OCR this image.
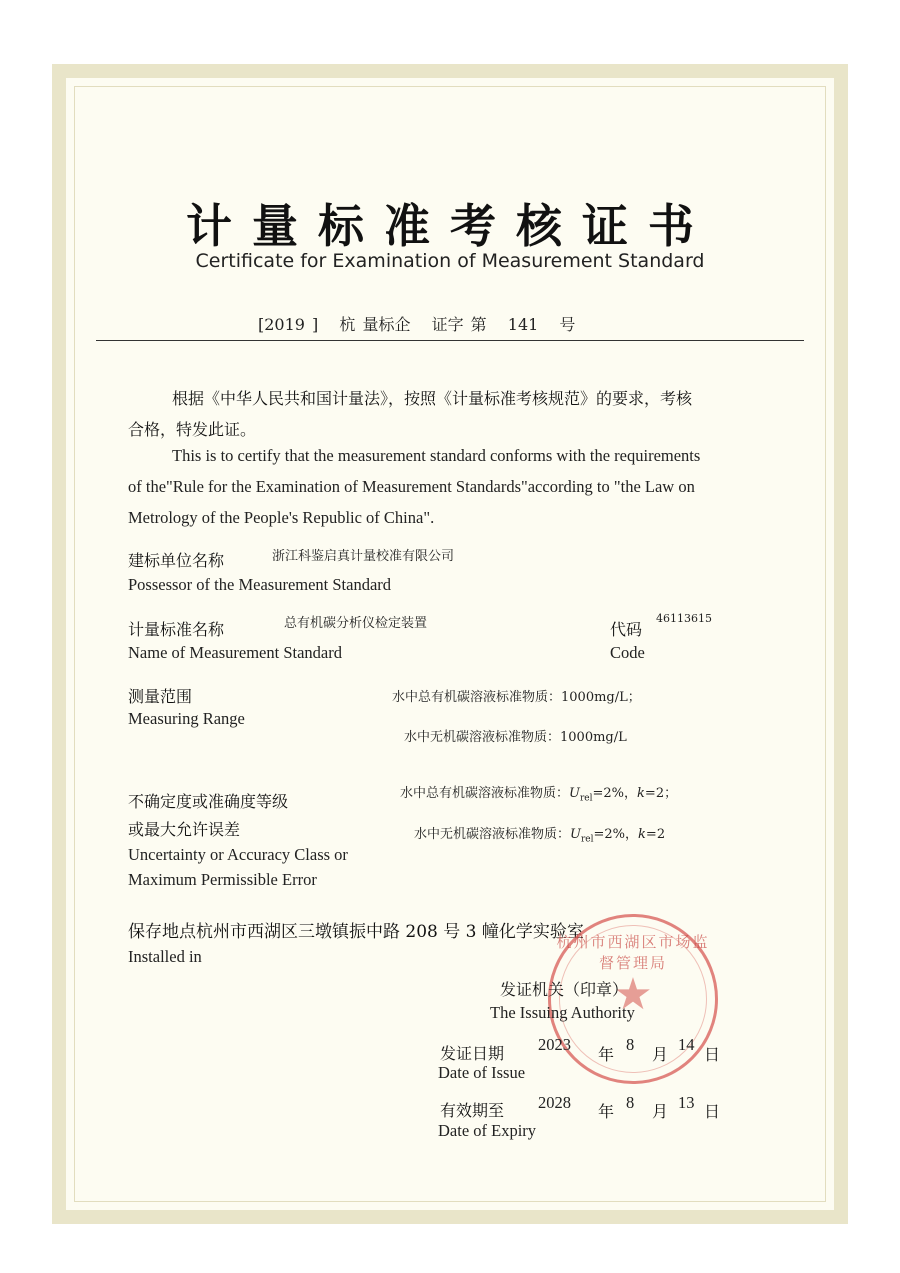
计量标准考核证书
Certificate for Examination of Measurement Standard
[2019 ] 杭 量标企 证字 第 141 号
根据《中华人民共和国计量法》，按照《计量标准考核规范》的要求，考核
合格，特发此证。
This is to certify that the measurement standard conforms with the requirements
of the"Rule for the Examination of Measurement Standards"according to "the Law on
Metrology of the People's Republic of China".
建标单位名称	浙江科鉴启真计量校准有限公司
Possessor of the Measurement Standard
计量标准名称	总有机碳分析仪检定装置
Name of Measurement Standard
代码
46113615
Code
测量范围
Measuring Range
水中总有机碳溶液标准物质：1000mg/L；
水中无机碳溶液标准物质：1000mg/L
不确定度或准确度等级
或最大允许误差
Uncertainty or Accuracy Class or
Maximum Permissible Error
水中总有机碳溶液标准物质：$U_{rel}=2\%$，k=2；
水中无机碳溶液标准物质：$U_{rel}=2\%$，k=2
保存地点杭州市西湖区三墩镇振中路 208 号 3 幢化学实验室
Installed in
杭州市西湖区市场监督管理局
★
发证机关（印章）
The Issuing Authority
发证日期
Date of Issue
2023
年
8
月
14
日
有效期至
Date of Expiry
2028 年 8 月 13 日
